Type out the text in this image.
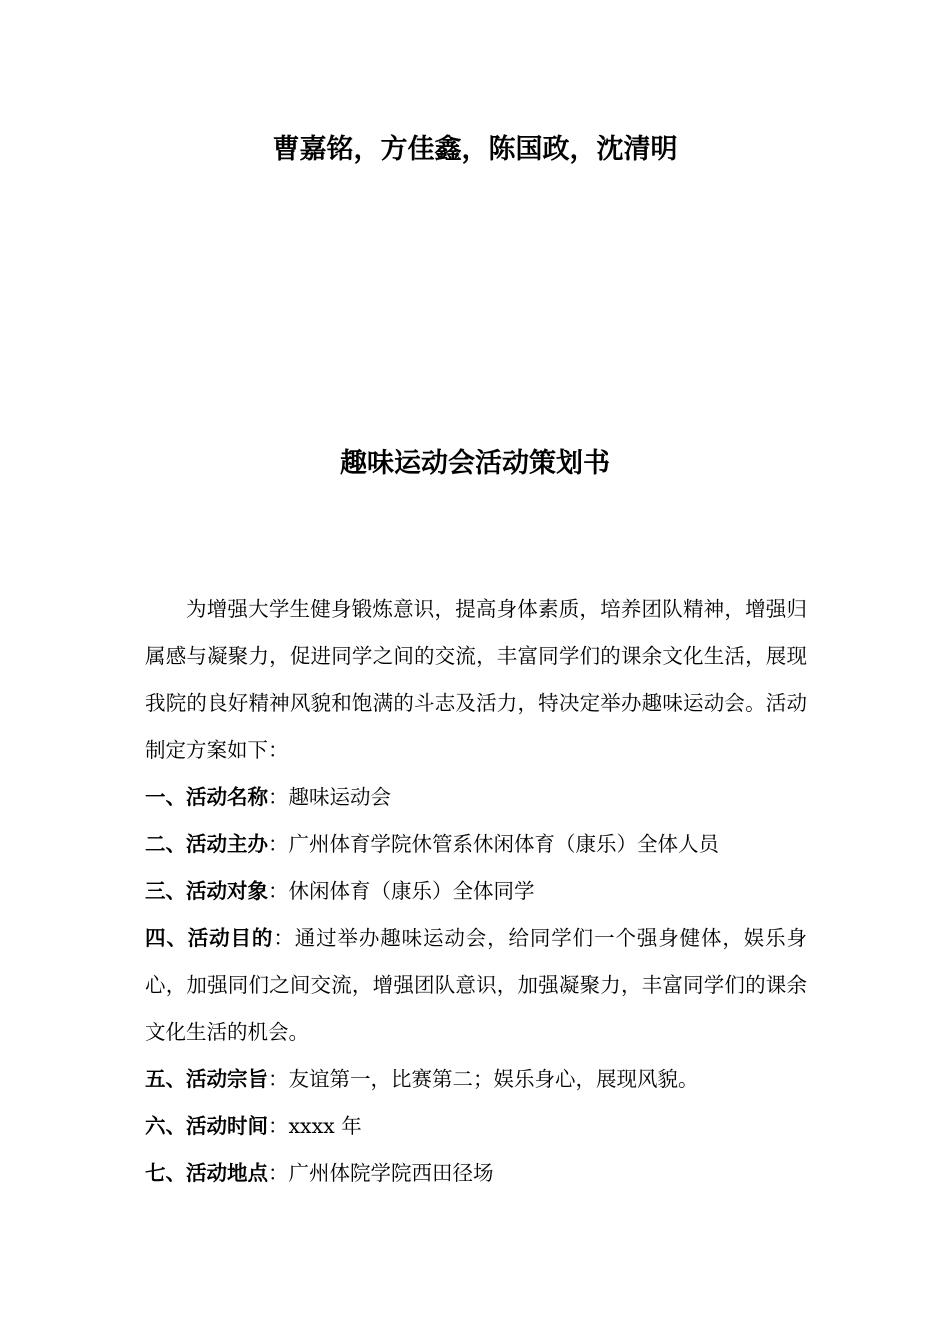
曹嘉铭，方佳鑫，陈国政，沈清明
趣味运动会活动策划书

为增强大学生健身锻炼意识，提高身体素质，培养团队精神，增强归属感与凝聚力，促进同学之间的交流，丰富同学们的课余文化生活，展现我院的良好精神风貌和饱满的斗志及活力，特决定举办趣味运动会。活动制定方案如下：

一、活动名称：趣味运动会

二、活动主办：广州体育学院休管系休闲体育（康乐）全体人员

三、活动对象：休闲体育（康乐）全体同学

四、活动目的：通过举办趣味运动会，给同学们一个强身健体，娱乐身心，加强同们之间交流，增强团队意识，加强凝聚力，丰富同学们的课余文化生活的机会。

五、活动宗旨：友谊第一，比赛第二；娱乐身心，展现风貌。

六、活动时间：xxxx 年

七、活动地点：广州体院学院西田径场
